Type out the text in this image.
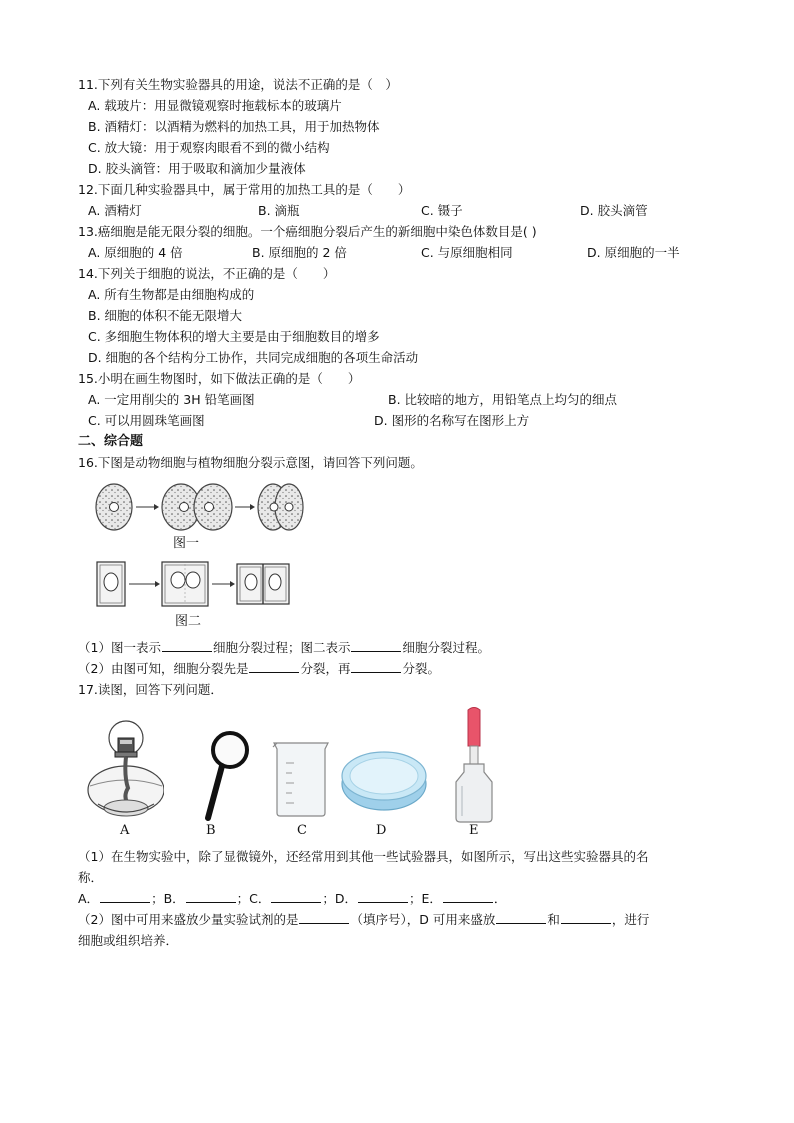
11.下列有关生物实验器具的用途，说法不正确的是（　）
A. 载玻片：用显微镜观察时拖载标本的玻璃片
B. 酒精灯：以酒精为燃料的加热工具，用于加热物体
C. 放大镜：用于观察肉眼看不到的微小结构
D. 胶头滴管：用于吸取和滴加少量液体
12.下面几种实验器具中，属于常用的加热工具的是（　　）
A. 酒精灯	B. 滴瓶	C. 镊子	D. 胶头滴管
13.癌细胞是能无限分裂的细胞。一个癌细胞分裂后产生的新细胞中染色体数目是( )
A. 原细胞的 4 倍	B. 原细胞的 2 倍	C. 与原细胞相同	D. 原细胞的一半
14.下列关于细胞的说法，不正确的是（　　）
A. 所有生物都是由细胞构成的
B. 细胞的体积不能无限增大
C. 多细胞生物体积的增大主要是由于细胞数目的增多
D. 细胞的各个结构分工协作，共同完成细胞的各项生命活动
15.小明在画生物图时，如下做法正确的是（　　）
A. 一定用削尖的 3H 铅笔画图	B. 比较暗的地方，用铅笔点上均匀的细点
C. 可以用圆珠笔画图	D. 图形的名称写在图形上方
二、综合题
16.下图是动物细胞与植物细胞分裂示意图，请回答下列问题。
图一
图二
（1）图一表示	细胞分裂过程；图二表示	细胞分裂过程。
（2）由图可知，细胞分裂先是	分裂，再	分裂。
17.读图，回答下列问题．
A	B	C	D	E
（1）在生物实验中，除了显微镜外，还经常用到其他一些试验器具，如图所示，写出这些实验器具的名
称．
A．	；B．	；C．	；D．	；E．	．
（2）图中可用来盛放少量实验试剂的是	（填序号），D 可用来盛放	和	，进行
细胞或组织培养．
